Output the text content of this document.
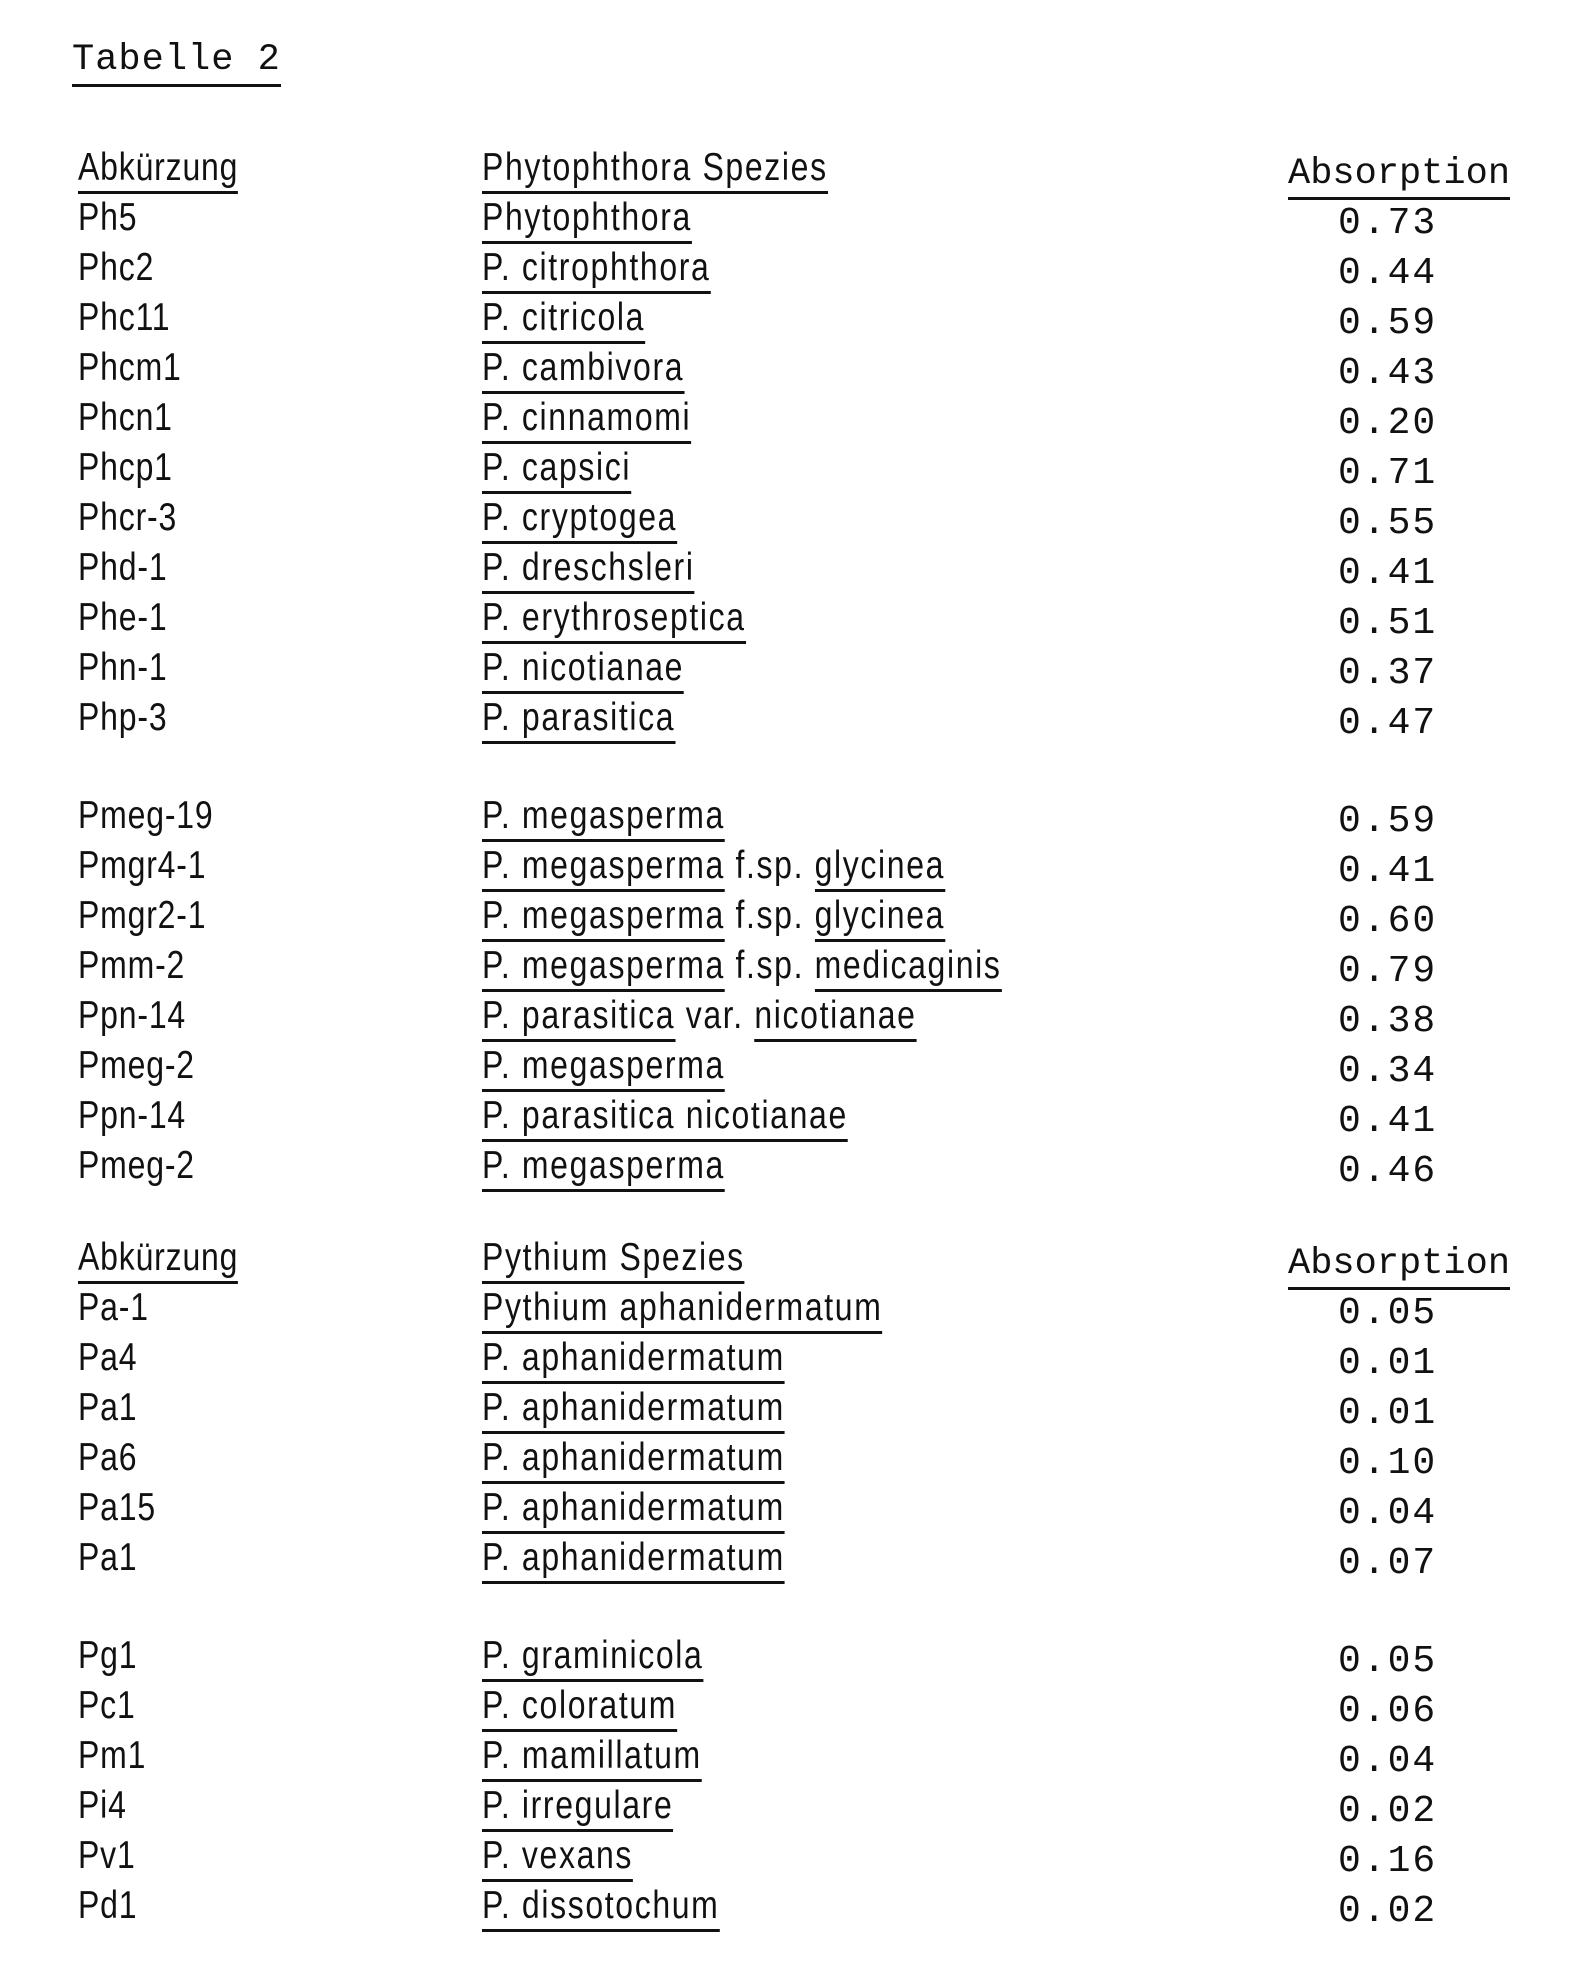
Tabelle 2
Abkürzung	Phytophthora Spezies	Absorption
Ph5	Phytophthora	0.73
Phc2	P. citrophthora	0.44
Phc11	P. citricola	0.59
Phcm1	P. cambivora	0.43
Phcn1	P. cinnamomi	0.20
Phcp1	P. capsici	0.71
Phcr-3	P. cryptogea	0.55
Phd-1	P. dreschsleri	0.41
Phe-1	P. erythroseptica	0.51
Phn-1	P. nicotianae	0.37
Php-3	P. parasitica	0.47
Pmeg-19	P. megasperma	0.59
Pmgr4-1	P. megasperma f.sp. glycinea	0.41
Pmgr2-1	P. megasperma f.sp. glycinea	0.60
Pmm-2	P. megasperma f.sp. medicaginis	0.79
Ppn-14	P. parasitica var. nicotianae	0.38
Pmeg-2	P. megasperma	0.34
Ppn-14	P. parasitica nicotianae	0.41
Pmeg-2	P. megasperma	0.46
Abkürzung	Pythium Spezies	Absorption
Pa-1	Pythium aphanidermatum	0.05
Pa4	P. aphanidermatum	0.01
Pa1	P. aphanidermatum	0.01
Pa6	P. aphanidermatum	0.10
Pa15	P. aphanidermatum	0.04
Pa1	P. aphanidermatum	0.07
Pg1	P. graminicola	0.05
Pc1	P. coloratum	0.06
Pm1	P. mamillatum	0.04
Pi4	P. irregulare	0.02
Pv1	P. vexans	0.16
Pd1	P. dissotochum	0.02
